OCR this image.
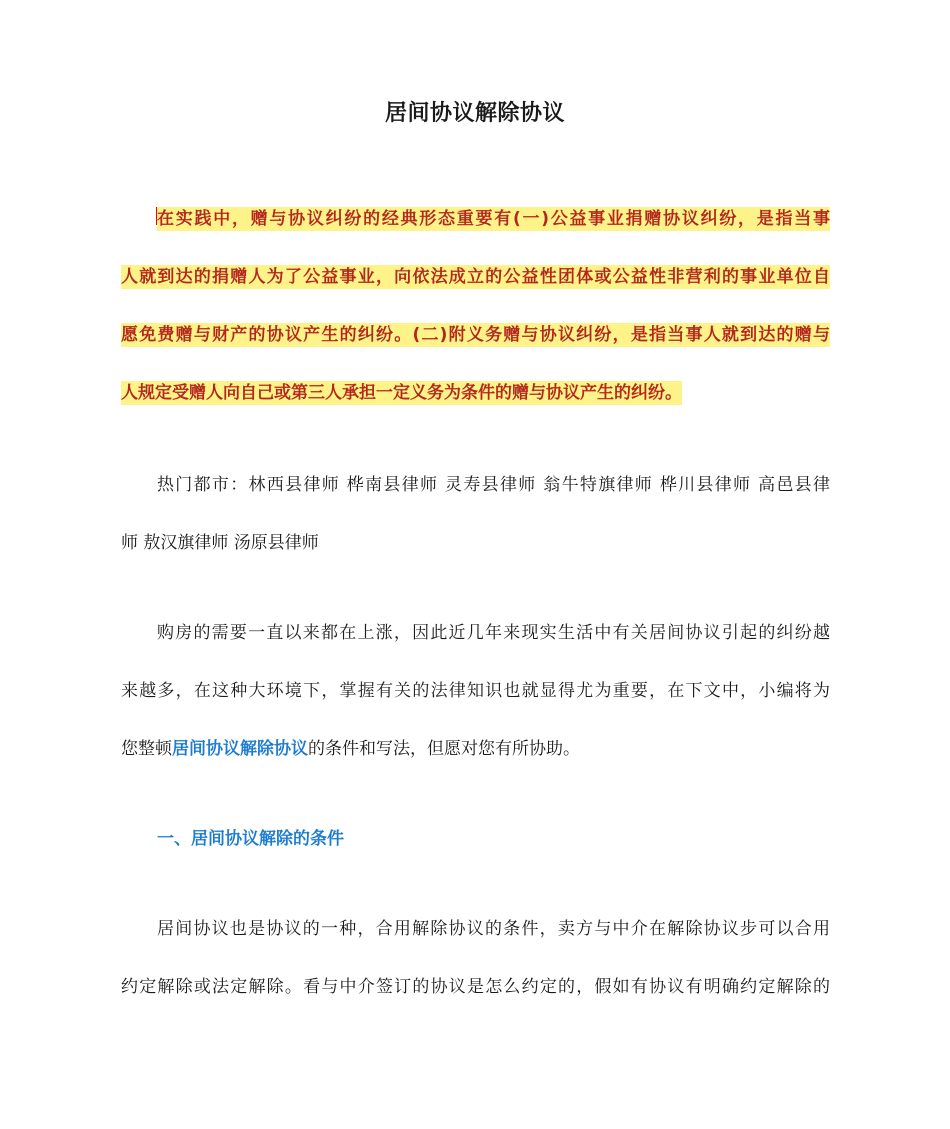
居间协议解除协议
在实践中，赠与协议纠纷的经典形态重要有(一)公益事业捐赠协议纠纷，是指当事
人就到达的捐赠人为了公益事业，向依法成立的公益性团体或公益性非营利的事业单位自
愿免费赠与财产的协议产生的纠纷。(二)附义务赠与协议纠纷，是指当事人就到达的赠与
人规定受赠人向自己或第三人承担一定义务为条件的赠与协议产生的纠纷。
热门都市：林西县律师 桦南县律师 灵寿县律师 翁牛特旗律师 桦川县律师 高邑县律
师 敖汉旗律师 汤原县律师
购房的需要一直以来都在上涨，因此近几年来现实生活中有关居间协议引起的纠纷越
来越多，在这种大环境下，掌握有关的法律知识也就显得尤为重要，在下文中，小编将为
您整顿居间协议解除协议的条件和写法，但愿对您有所协助。
一、居间协议解除的条件
居间协议也是协议的一种，合用解除协议的条件，卖方与中介在解除协议步可以合用
约定解除或法定解除。看与中介签订的协议是怎么约定的，假如有协议有明确约定解除的
